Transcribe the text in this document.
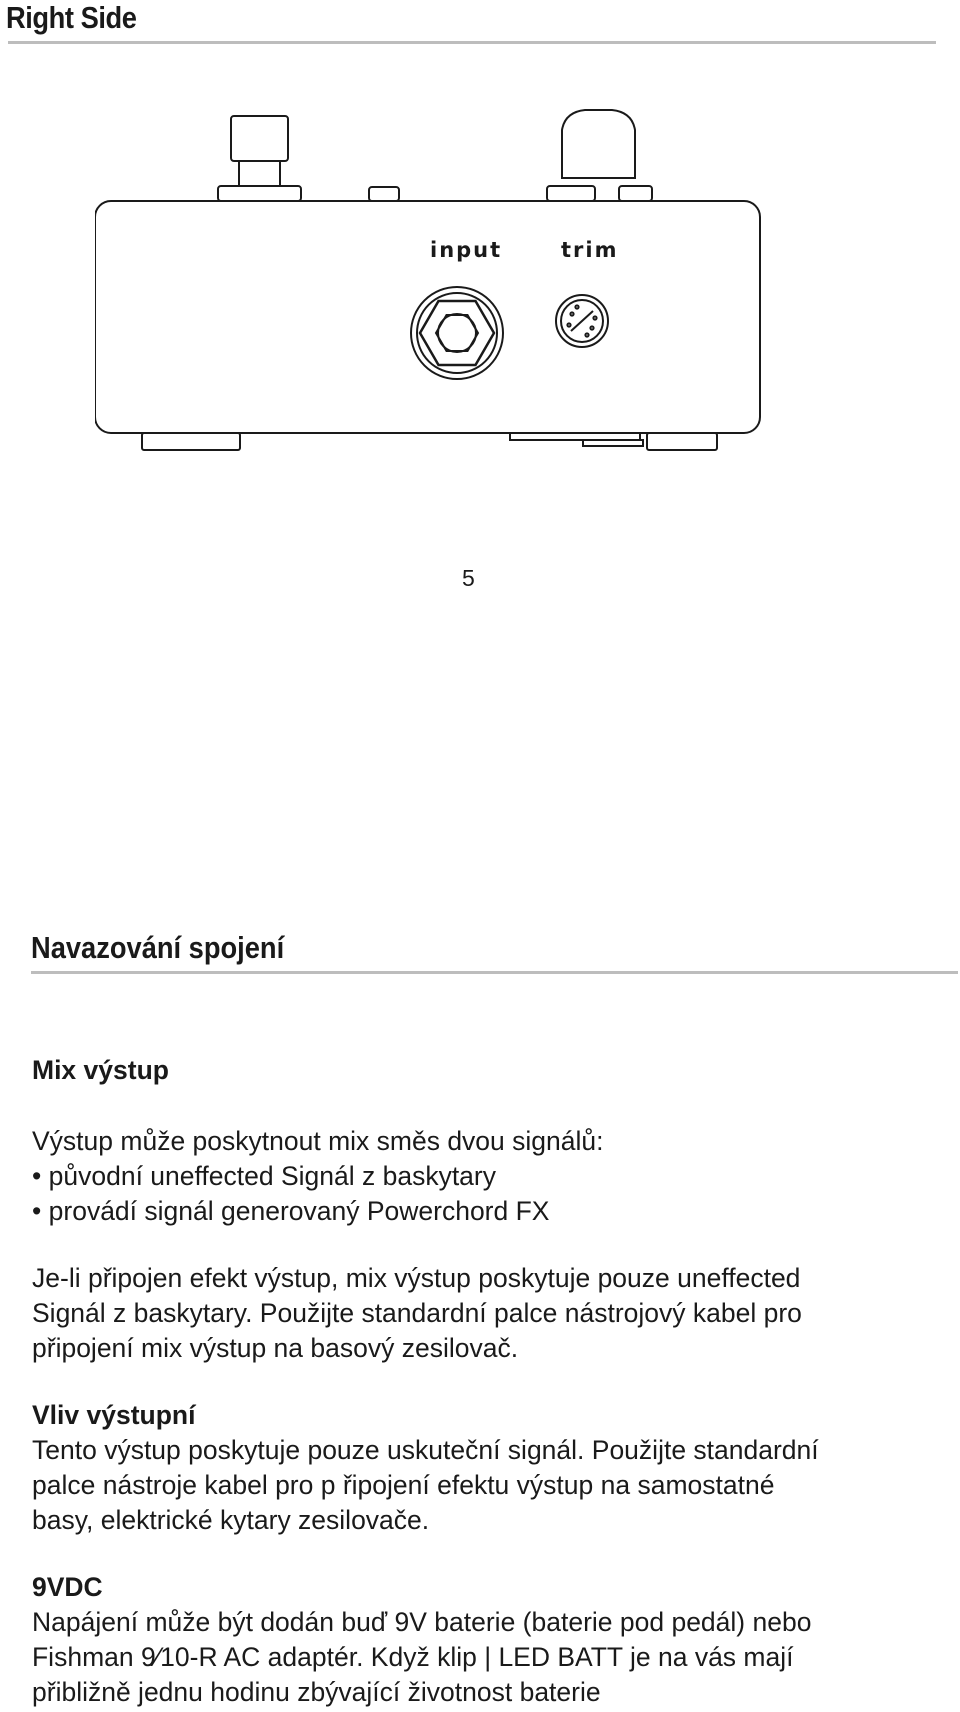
Right Side
input	trim
5
Navazování spojení
Mix výstup
Výstup může poskytnout mix směs dvou signálů:
• původní uneffected Signál z baskytary
• provádí signál generovaný Powerchord FX
Je-li připojen efekt výstup, mix výstup poskytuje pouze uneffected
Signál z baskytary. Použijte standardní palce nástrojový kabel pro
připojení mix výstup na basový zesilovač.
Vliv výstupní
Tento výstup poskytuje pouze uskuteční signál. Použijte standardní
palce nástroje kabel pro p řipojení efektu výstup na samostatné
basy, elektrické kytary zesilovače.
9VDC
Napájení může být dodán buď 9V baterie (baterie pod pedál) nebo
Fishman 9⁄10-R AC adaptér. Když klip | LED BATT je na vás mají
přibližně jednu hodinu zbývající životnost baterie
